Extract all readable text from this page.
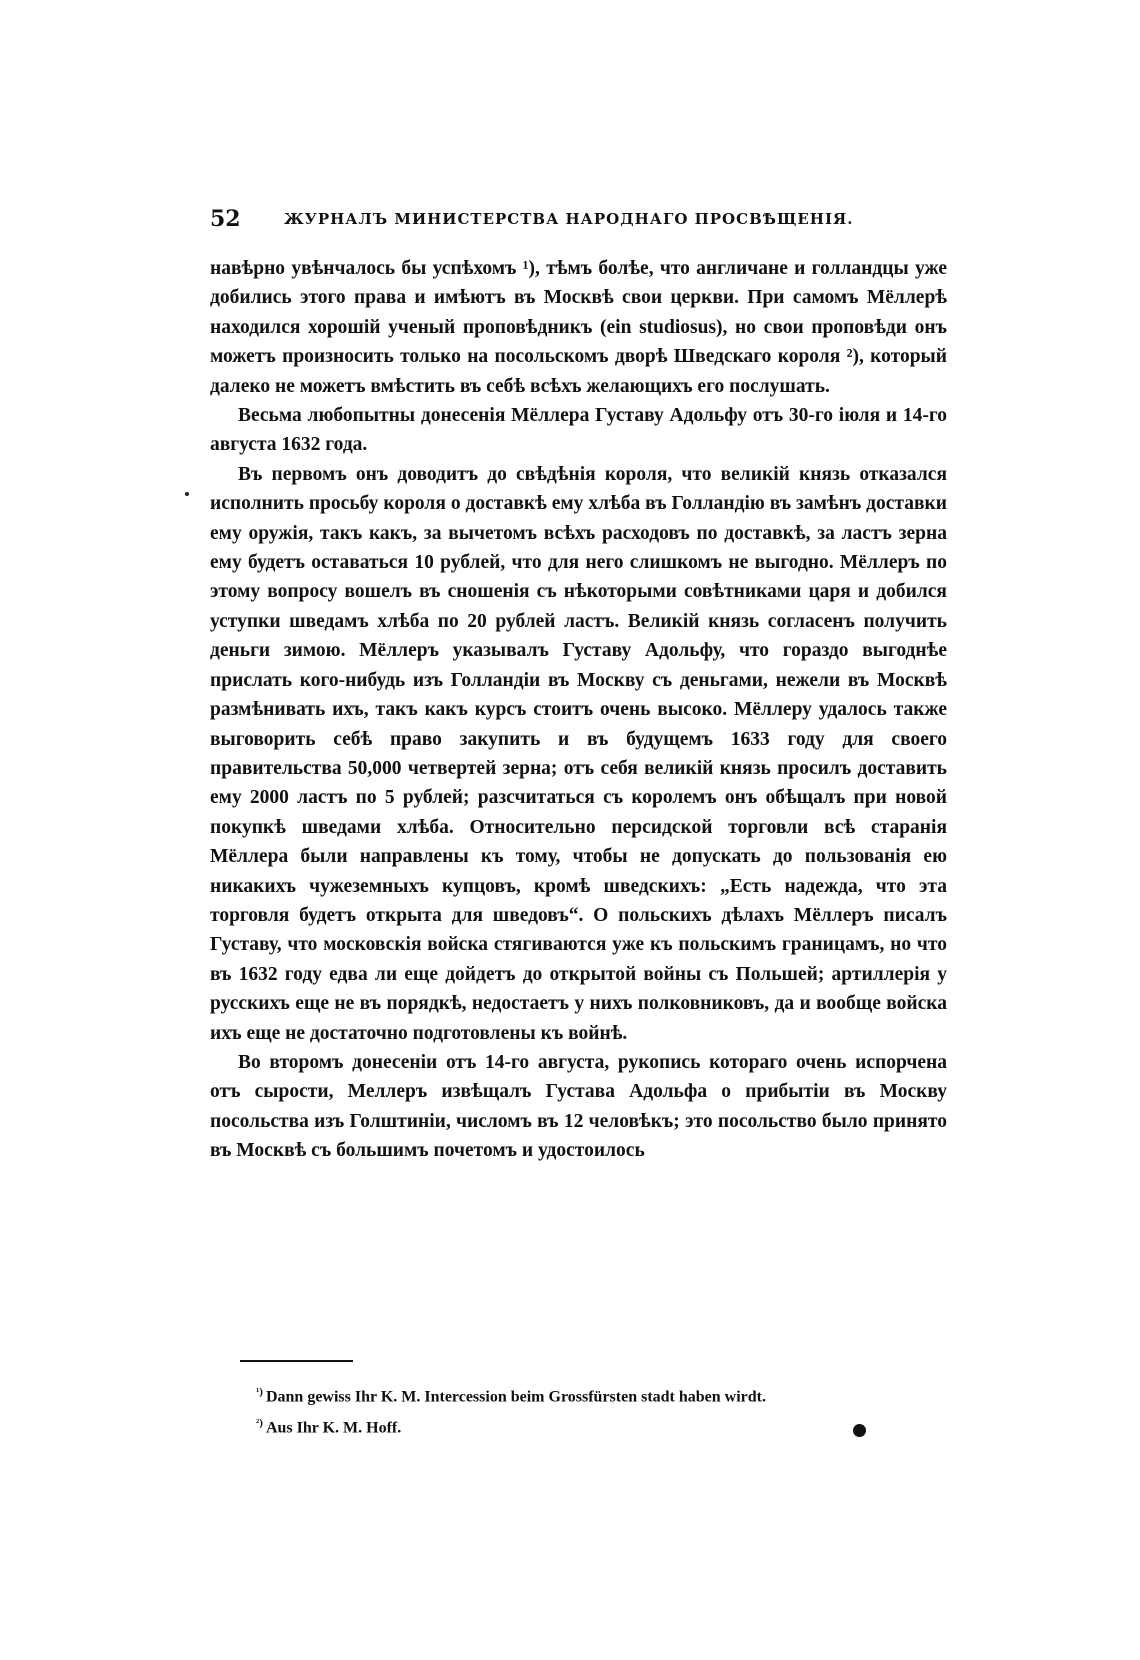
52	ЖУРНАЛЪ МИНИСТЕРСТВА НАРОДНАГО ПРОСВѢЩЕНІЯ.

навѣрно увѣнчалось бы успѣхомъ ¹), тѣмъ болѣе, что англичане и голландцы уже добились этого права и имѣютъ въ Москвѣ свои церкви. При самомъ Мёллерѣ находился хорошій ученый проповѣдникъ (ein studiosus), но свои проповѣди онъ можетъ произносить только на посольскомъ дворѣ Шведскаго короля ²), который далеко не можетъ вмѣстить въ себѣ всѣхъ желающихъ его послушать.

Весьма любопытны донесенія Мёллера Густаву Адольфу отъ 30-го іюля и 14-го августа 1632 года.

Въ первомъ онъ доводитъ до свѣдѣнія короля, что великій князь отказался исполнить просьбу короля о доставкѣ ему хлѣба въ Голландію въ замѣнъ доставки ему оружія, такъ какъ, за вычетомъ всѣхъ расходовъ по доставкѣ, за ластъ зерна ему будетъ оставаться 10 рублей, что для него слишкомъ не выгодно. Мёллеръ по этому вопросу вошелъ въ сношенія съ нѣкоторыми совѣтниками царя и добился уступки шведамъ хлѣба по 20 рублей ластъ. Великій князь согласенъ получить деньги зимою. Мёллеръ указывалъ Густаву Адольфу, что гораздо выгоднѣе прислать кого-нибудь изъ Голландіи въ Москву съ деньгами, нежели въ Москвѣ размѣнивать ихъ, такъ какъ курсъ стоитъ очень высоко. Мёллеру удалось также выговорить себѣ право закупить и въ будущемъ 1633 году для своего правительства 50,000 четвертей зерна; отъ себя великій князь просилъ доставить ему 2000 ластъ по 5 рублей; разсчитаться съ королемъ онъ обѣщалъ при новой покупкѣ шведами хлѣба. Относительно персидской торговли всѣ старанія Мёллера были направлены къ тому, чтобы не допускать до пользованія ею никакихъ чужеземныхъ купцовъ, кромѣ шведскихъ: „Есть надежда, что эта торговля будетъ открыта для шведовъ“. О польскихъ дѣлахъ Мёллеръ писалъ Густаву, что московскія войска стягиваются уже къ польскимъ границамъ, но что въ 1632 году едва ли еще дойдетъ до открытой войны съ Польшей; артиллерія у русскихъ еще не въ порядкѣ, недостаетъ у нихъ полковниковъ, да и вообще войска ихъ еще не достаточно подготовлены къ войнѣ.

Во второмъ донесеніи отъ 14-го августа, рукопись котораго очень испорчена отъ сырости, Меллеръ извѣщалъ Густава Адольфа о прибытіи въ Москву посольства изъ Голштиніи, числомъ въ 12 человѣкъ; это посольство было принято въ Москвѣ съ большимъ почетомъ и удостоилось

$^{^1)}$ Dann gewiss Ihr K. M. Intercession beim Grossfürsten stadt haben wirdt.
$^{^2)}$ Aus Ihr K. M. Hoff.
